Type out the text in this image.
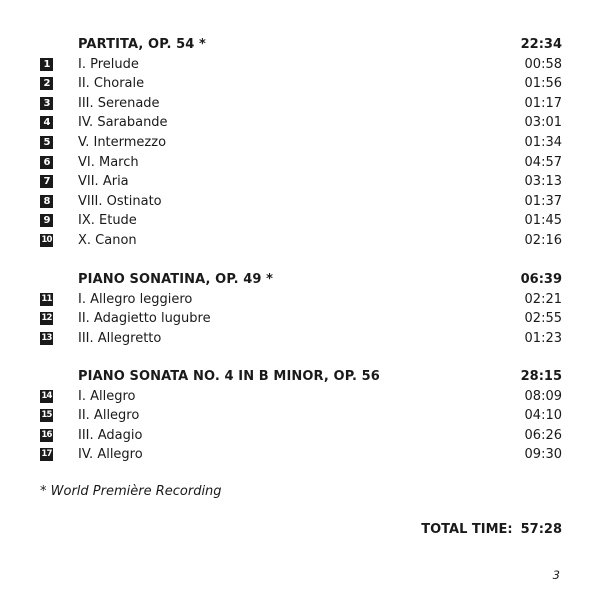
PARTITA, OP. 54 *	22:34
1 I. Prelude	00:58
2 II. Chorale	01:56
3 III. Serenade	01:17
4 IV. Sarabande	03:01
5 V. Intermezzo	01:34
6 VI. March	04:57
7 VII. Aria	03:13
8 VIII. Ostinato	01:37
9 IX. Etude	01:45
10 X. Canon	02:16
PIANO SONATINA, OP. 49 *	06:39
11 I. Allegro leggiero	02:21
12 II. Adagietto lugubre	02:55
13 III. Allegretto	01:23
PIANO SONATA NO. 4 IN B MINOR, OP. 56	28:15
14 I. Allegro	08:09
15 II. Allegro	04:10
16 III. Adagio	06:26
17 IV. Allegro	09:30
* World Première Recording
TOTAL TIME: 57:28
3
